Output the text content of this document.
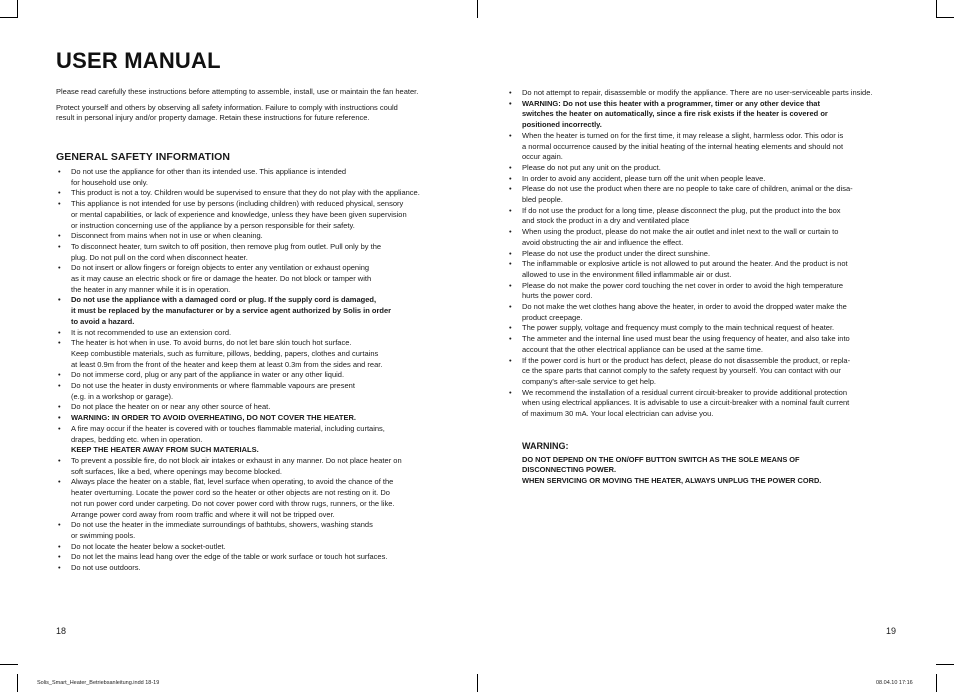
USER MANUAL

Please read carefully these instructions before attempting to assemble, install, use or maintain the fan heater.

Protect yourself and others by observing all safety information. Failure to comply with instructions could
result in personal injury and/or property damage. Retain these instructions for future reference.

GENERAL SAFETY INFORMATION
• Do not use the appliance for other than its intended use. This appliance is intended
for household use only.
• This product is not a toy. Children would be supervised to ensure that they do not play with the appliance.
• This appliance is not intended for use by persons (including children) with reduced physical, sensory
or mental capabilities, or lack of experience and knowledge, unless they have been given supervision
or instruction concerning use of the appliance by a person responsible for their safety.
• Disconnect from mains when not in use or when cleaning.
• To disconnect heater, turn switch to off position, then remove plug from outlet. Pull only by the
plug. Do not pull on the cord when disconnect heater.
• Do not insert or allow fingers or foreign objects to enter any ventilation or exhaust opening
as it may cause an electric shock or fire or damage the heater. Do not block or tamper with
the heater in any manner while it is in operation.
• Do not use the appliance with a damaged cord or plug. If the supply cord is damaged,
it must be replaced by the manufacturer or by a service agent authorized by Solis in order
to avoid a hazard.
• It is not recommended to use an extension cord.
• The heater is hot when in use. To avoid burns, do not let bare skin touch hot surface.
Keep combustible materials, such as furniture, pillows, bedding, papers, clothes and curtains
at least 0.9m from the front of the heater and keep them at least 0.3m from the sides and rear.
• Do not immerse cord, plug or any part of the appliance in water or any other liquid.
• Do not use the heater in dusty environments or where flammable vapours are present
(e.g. in a workshop or garage).
• Do not place the heater on or near any other source of heat.
• WARNING: IN ORDER TO AVOID OVERHEATING, DO NOT COVER THE HEATER.
• A fire may occur if the heater is covered with or touches flammable material, including curtains,
drapes, bedding etc. when in operation.
KEEP THE HEATER AWAY FROM SUCH MATERIALS.
• To prevent a possible fire, do not block air intakes or exhaust in any manner. Do not place heater on
soft surfaces, like a bed, where openings may become blocked.
• Always place the heater on a stable, flat, level surface when operating, to avoid the chance of the
heater overturning. Locate the power cord so the heater or other objects are not resting on it. Do
not run power cord under carpeting. Do not cover power cord with throw rugs, runners, or the like.
Arrange power cord away from room traffic and where it will not be tripped over.
• Do not use the heater in the immediate surroundings of bathtubs, showers, washing stands
or swimming pools.
• Do not locate the heater below a socket-outlet.
• Do not let the mains lead hang over the edge of the table or work surface or touch hot surfaces.
• Do not use outdoors.
• Do not attempt to repair, disassemble or modify the appliance. There are no user-serviceable parts inside.
• WARNING: Do not use this heater with a programmer, timer or any other device that
switches the heater on automatically, since a fire risk exists if the heater is covered or
positioned incorrectly.
• When the heater is turned on for the first time, it may release a slight, harmless odor. This odor is
a normal occurrence caused by the initial heating of the internal heating elements and should not
occur again.
• Please do not put any unit on the product.
• In order to avoid any accident, please turn off the unit when people leave.
• Please do not use the product when there are no people to take care of children, animal or the disa-
bled people.
• If do not use the product for a long time, please disconnect the plug, put the product into the box
and stock the product in a dry and ventilated place
• When using the product, please do not make the air outlet and inlet next to the wall or curtain to
avoid obstructing the air and influence the effect.
• Please do not use the product under the direct sunshine.
• The inflammable or explosive article is not allowed to put around the heater. And the product is not
allowed to use in the environment filled inflammable air or dust.
• Please do not make the power cord touching the net cover in order to avoid the high temperature
hurts the power cord.
• Do not make the wet clothes hang above the heater, in order to avoid the dropped water make the
product creepage.
• The power supply, voltage and frequency must comply to the main technical request of heater.
• The ammeter and the internal line used must bear the using frequency of heater, and also take into
account that the other electrical appliance can be used at the same time.
• If the power cord is hurt or the product has defect, please do not disassemble the product, or repla-
ce the spare parts that cannot comply to the safety request by yourself. You can contact with our
company's after-sale service to get help.
• We recommend the installation of a residual current circuit-breaker to provide additional protection
when using electrical appliances. It is advisable to use a circuit-breaker with a nominal fault current
of maximum 30 mA. Your local electrician can advise you.
WARNING:
DO NOT DEPEND ON THE ON/OFF BUTTON SWITCH AS THE SOLE MEANS OF
DISCONNECTING POWER.
WHEN SERVICING OR MOVING THE HEATER, ALWAYS UNPLUG THE POWER CORD.
18	19
Solis_Smart_Heater_Betriebsanleitung.indd 18-19	08.04.10 17:16
